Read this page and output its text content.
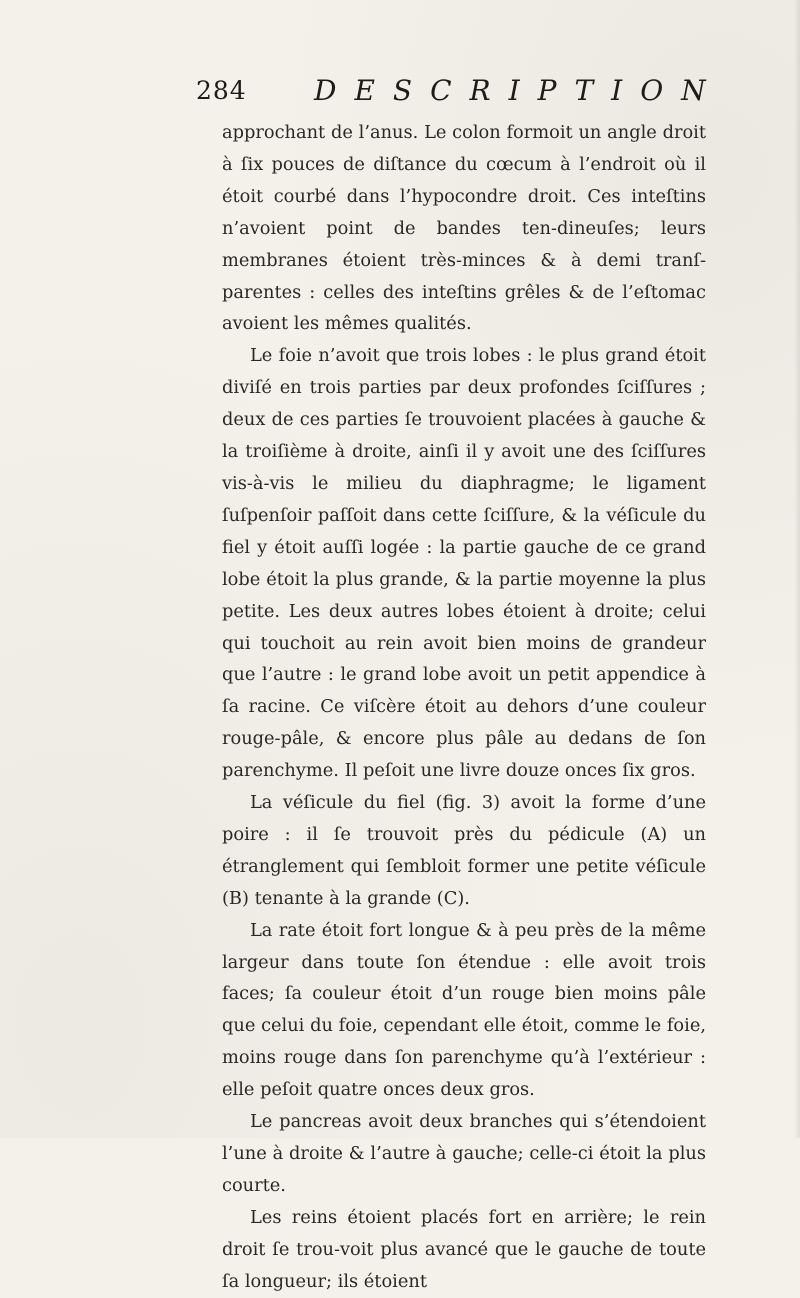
284 DESCRIPTION

approchant de l’anus. Le colon formoit un angle droit à ſix pouces de diſtance du cœcum à l’endroit où il étoit courbé dans l’hypocondre droit. Ces inteſtins n’avoient point de bandes ten-dineuſes; leurs membranes étoient très-minces & à demi tranſ-parentes : celles des inteſtins grêles & de l’eſtomac avoient les mêmes qualités.

Le foie n’avoit que trois lobes : le plus grand étoit diviſé en trois parties par deux profondes ſciſſures ; deux de ces parties ſe trouvoient placées à gauche & la troiſième à droite, ainſi il y avoit une des ſciſſures vis-à-vis le milieu du diaphragme; le ligament ſuſpenſoir paſſoit dans cette ſciſſure, & la véſicule du fiel y étoit auſſi logée : la partie gauche de ce grand lobe étoit la plus grande, & la partie moyenne la plus petite. Les deux autres lobes étoient à droite; celui qui touchoit au rein avoit bien moins de grandeur que l’autre : le grand lobe avoit un petit appendice à ſa racine. Ce viſcère étoit au dehors d’une couleur rouge-pâle, & encore plus pâle au dedans de ſon parenchyme. Il peſoit une livre douze onces ſix gros.

La véſicule du fiel (fig. 3) avoit la forme d’une poire : il ſe trouvoit près du pédicule (A) un étranglement qui ſembloit former une petite véſicule (B) tenante à la grande (C).

La rate étoit fort longue & à peu près de la même largeur dans toute ſon étendue : elle avoit trois faces; ſa couleur étoit d’un rouge bien moins pâle que celui du foie, cependant elle étoit, comme le foie, moins rouge dans ſon parenchyme qu’à l’extérieur : elle peſoit quatre onces deux gros.

Le pancreas avoit deux branches qui s’étendoient l’une à droite & l’autre à gauche; celle-ci étoit la plus courte.

Les reins étoient placés fort en arrière; le rein droit ſe trou-voit plus avancé que le gauche de toute ſa longueur; ils étoient
